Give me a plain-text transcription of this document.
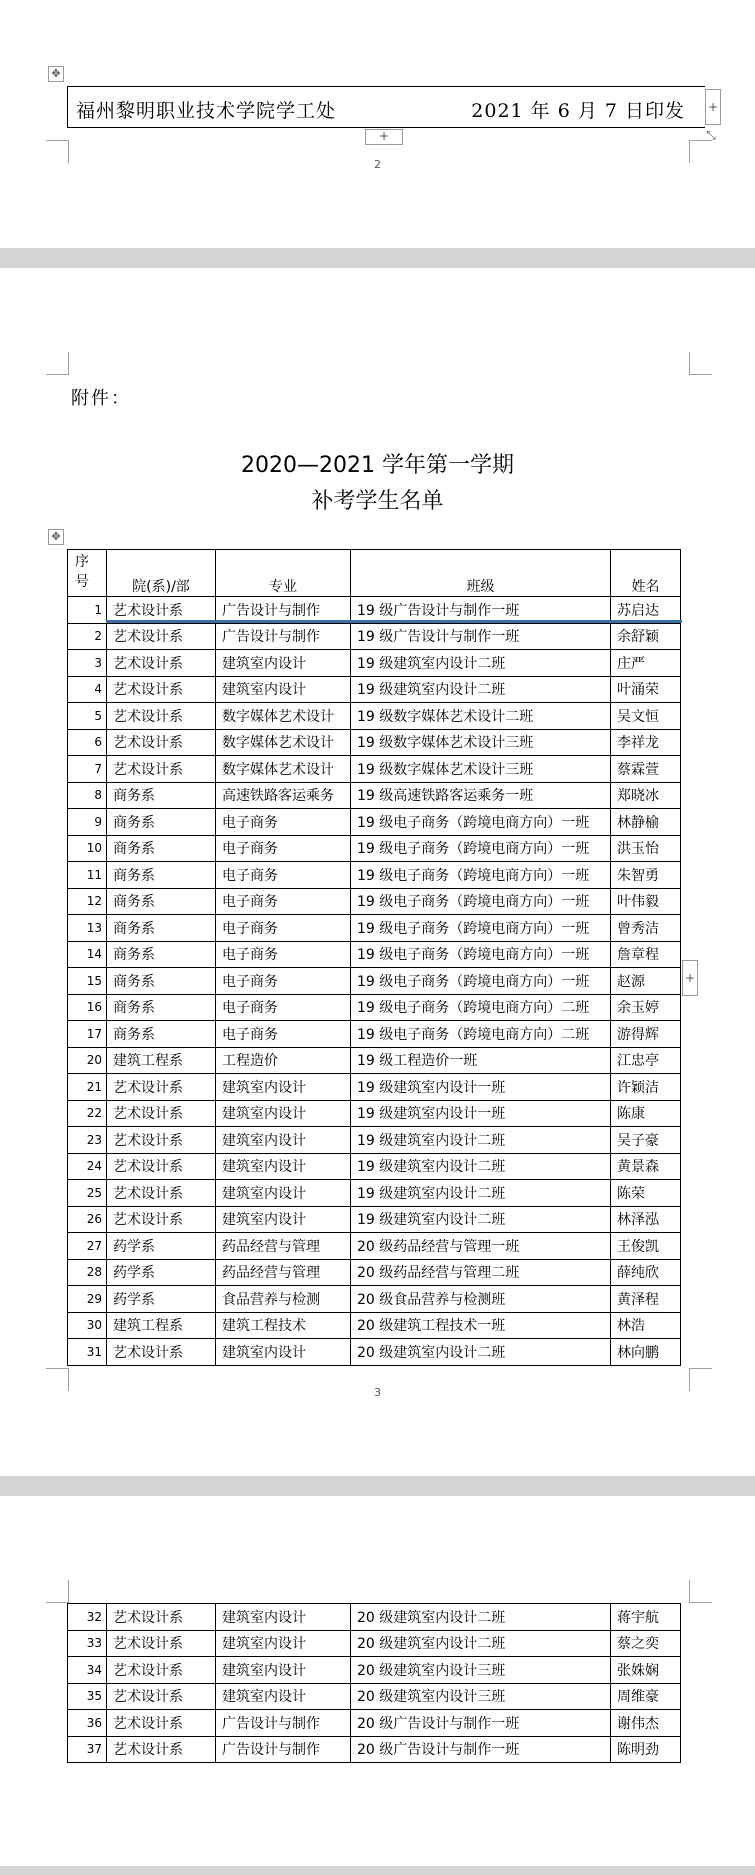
✥
福州黎明职业技术学院学工处	2021 年 6 月 7 日印发 +
+	⤡
2
附件：
2020—2021 学年第一学期
补考学生名单
✥
序
号	院(系)/部	专业	班级	姓名
1	艺术设计系	广告设计与制作	19 级广告设计与制作一班	苏启达
2	艺术设计系	广告设计与制作	19 级广告设计与制作一班	余舒颖
3	艺术设计系	建筑室内设计	19 级建筑室内设计二班	庄严
4	艺术设计系	建筑室内设计	19 级建筑室内设计二班	叶涌荣
5	艺术设计系	数字媒体艺术设计	19 级数字媒体艺术设计二班	吴文恒
6	艺术设计系	数字媒体艺术设计	19 级数字媒体艺术设计三班	李祥龙
7	艺术设计系	数字媒体艺术设计	19 级数字媒体艺术设计三班	蔡霖萱
8	商务系	高速铁路客运乘务	19 级高速铁路客运乘务一班	郑晓冰
9	商务系	电子商务	19 级电子商务（跨境电商方向）一班	林静榆
10	商务系	电子商务	19 级电子商务（跨境电商方向）一班	洪玉怡
11	商务系	电子商务	19 级电子商务（跨境电商方向）一班	朱智勇
12	商务系	电子商务	19 级电子商务（跨境电商方向）一班	叶伟毅
13	商务系	电子商务	19 级电子商务（跨境电商方向）一班	曾秀洁
14	商务系	电子商务	19 级电子商务（跨境电商方向）一班	詹章程
15	商务系	电子商务	19 级电子商务（跨境电商方向）一班	赵源
16	商务系	电子商务	19 级电子商务（跨境电商方向）二班	余玉婷
17	商务系	电子商务	19 级电子商务（跨境电商方向）二班	游得辉
20	建筑工程系	工程造价	19 级工程造价一班	江忠亭
21	艺术设计系	建筑室内设计	19 级建筑室内设计一班	许颖洁
22	艺术设计系	建筑室内设计	19 级建筑室内设计一班	陈康
23	艺术设计系	建筑室内设计	19 级建筑室内设计二班	吴子豪
24	艺术设计系	建筑室内设计	19 级建筑室内设计二班	黄景森
25	艺术设计系	建筑室内设计	19 级建筑室内设计二班	陈荣
26	艺术设计系	建筑室内设计	19 级建筑室内设计二班	林泽泓
27	药学系	药品经营与管理	20 级药品经营与管理一班	王俊凯
28	药学系	药品经营与管理	20 级药品经营与管理二班	薛纯欣
29	药学系	食品营养与检测	20 级食品营养与检测班	黄泽程
30	建筑工程系	建筑工程技术	20 级建筑工程技术一班	林浩
31	艺术设计系	建筑室内设计	20 级建筑室内设计二班	林向鹏
+
3
32	艺术设计系	建筑室内设计	20 级建筑室内设计二班	蒋宇航
33	艺术设计系	建筑室内设计	20 级建筑室内设计二班	蔡之奕
34	艺术设计系	建筑室内设计	20 级建筑室内设计三班	张姝娴
35	艺术设计系	建筑室内设计	20 级建筑室内设计三班	周维豪
36	艺术设计系	广告设计与制作	20 级广告设计与制作一班	谢伟杰
37	艺术设计系	广告设计与制作	20 级广告设计与制作一班	陈明劲
